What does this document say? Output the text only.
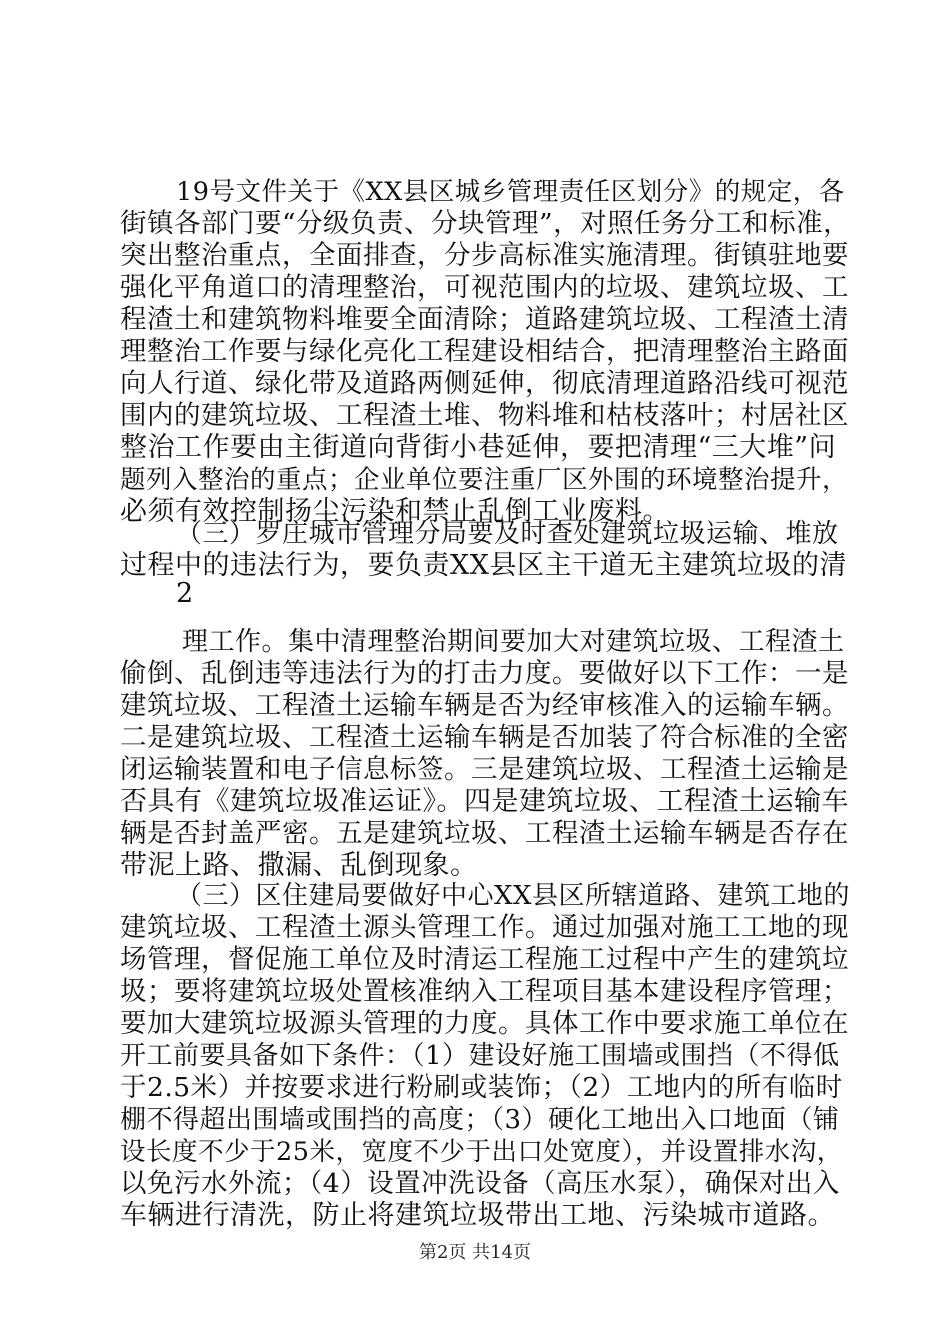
19号文件关于《XX县区城乡管理责任区划分》的规定，各
街镇各部门要“分级负责、分块管理”，对照任务分工和标准，
突出整治重点，全面排查，分步高标准实施清理。街镇驻地要
强化平角道口的清理整治，可视范围内的垃圾、建筑垃圾、工
程渣土和建筑物料堆要全面清除；道路建筑垃圾、工程渣土清
理整治工作要与绿化亮化工程建设相结合，把清理整治主路面
向人行道、绿化带及道路两侧延伸，彻底清理道路沿线可视范
围内的建筑垃圾、工程渣土堆、物料堆和枯枝落叶；村居社区
整治工作要由主街道向背街小巷延伸，要把清理“三大堆”问
题列入整治的重点；企业单位要注重厂区外围的环境整治提升，
必须有效控制扬尘污染和禁止乱倒工业废料。
（三）罗庄城市管理分局要及时查处建筑垃圾运输、堆放
过程中的违法行为，要负责XX县区主干道无主建筑垃圾的清
2
理工作。集中清理整治期间要加大对建筑垃圾、工程渣土
偷倒、乱倒违等违法行为的打击力度。要做好以下工作：一是
建筑垃圾、工程渣土运输车辆是否为经审核准入的运输车辆。
二是建筑垃圾、工程渣土运输车辆是否加装了符合标准的全密
闭运输装置和电子信息标签。三是建筑垃圾、工程渣土运输是
否具有《建筑垃圾准运证》。四是建筑垃圾、工程渣土运输车
辆是否封盖严密。五是建筑垃圾、工程渣土运输车辆是否存在
带泥上路、撒漏、乱倒现象。
（三）区住建局要做好中心XX县区所辖道路、建筑工地的
建筑垃圾、工程渣土源头管理工作。通过加强对施工工地的现
场管理，督促施工单位及时清运工程施工过程中产生的建筑垃
圾；要将建筑垃圾处置核准纳入工程项目基本建设程序管理；
要加大建筑垃圾源头管理的力度。具体工作中要求施工单位在
开工前要具备如下条件：（1）建设好施工围墙或围挡（不得低
于2.5米）并按要求进行粉刷或装饰；（2）工地内的所有临时
棚不得超出围墙或围挡的高度；（3）硬化工地出入口地面（铺
设长度不少于25米，宽度不少于出口处宽度），并设置排水沟，
以免污水外流；（4）设置冲洗设备（高压水泵），确保对出入
车辆进行清洗，防止将建筑垃圾带出工地、污染城市道路。
第2页 共14页
